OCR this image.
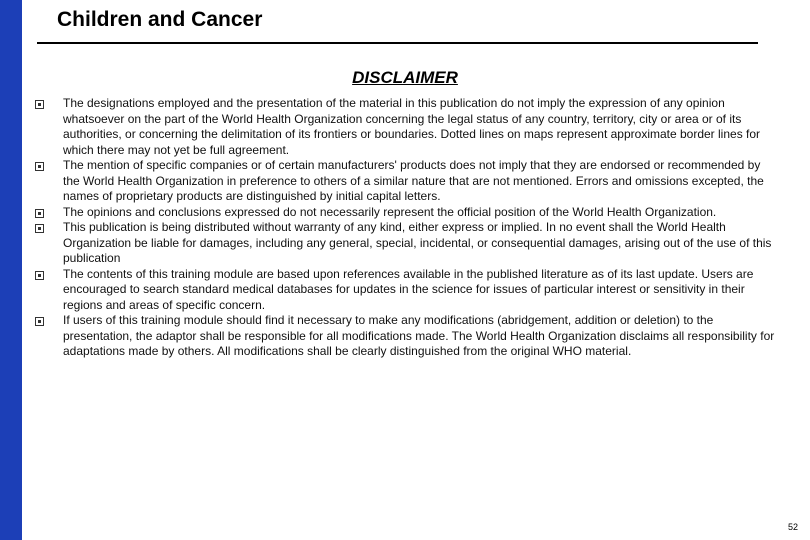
Children and Cancer
DISCLAIMER
The designations employed and the presentation of the material in this publication do not imply the expression of any opinion whatsoever on the part of the World Health Organization concerning the legal status of any country, territory, city or area or of its authorities, or concerning the delimitation of its frontiers or boundaries. Dotted lines on maps represent approximate border lines for which there may not yet be full agreement.
The mention of specific companies or of certain manufacturers' products does not imply that they are endorsed or recommended by the World Health Organization in preference to others of a similar nature that are not mentioned. Errors and omissions excepted, the names of proprietary products are distinguished by initial capital letters.
The opinions and conclusions expressed do not necessarily represent the official position of the World Health Organization.
This publication is being distributed without warranty of any kind, either express or implied. In no event shall the World Health Organization be liable for damages, including any general, special, incidental, or consequential damages, arising out of the use of this publication
The contents of this training module are based upon references available in the published literature as of its last update. Users are encouraged to search standard medical databases for updates in the science for issues of particular interest or sensitivity in their regions and areas of specific concern.
If users of this training module should find it necessary to make any modifications (abridgement, addition or deletion) to the presentation, the adaptor shall be responsible for all modifications made. The World Health Organization disclaims all responsibility for adaptations made by others. All modifications shall be clearly distinguished from the original WHO material.
52
